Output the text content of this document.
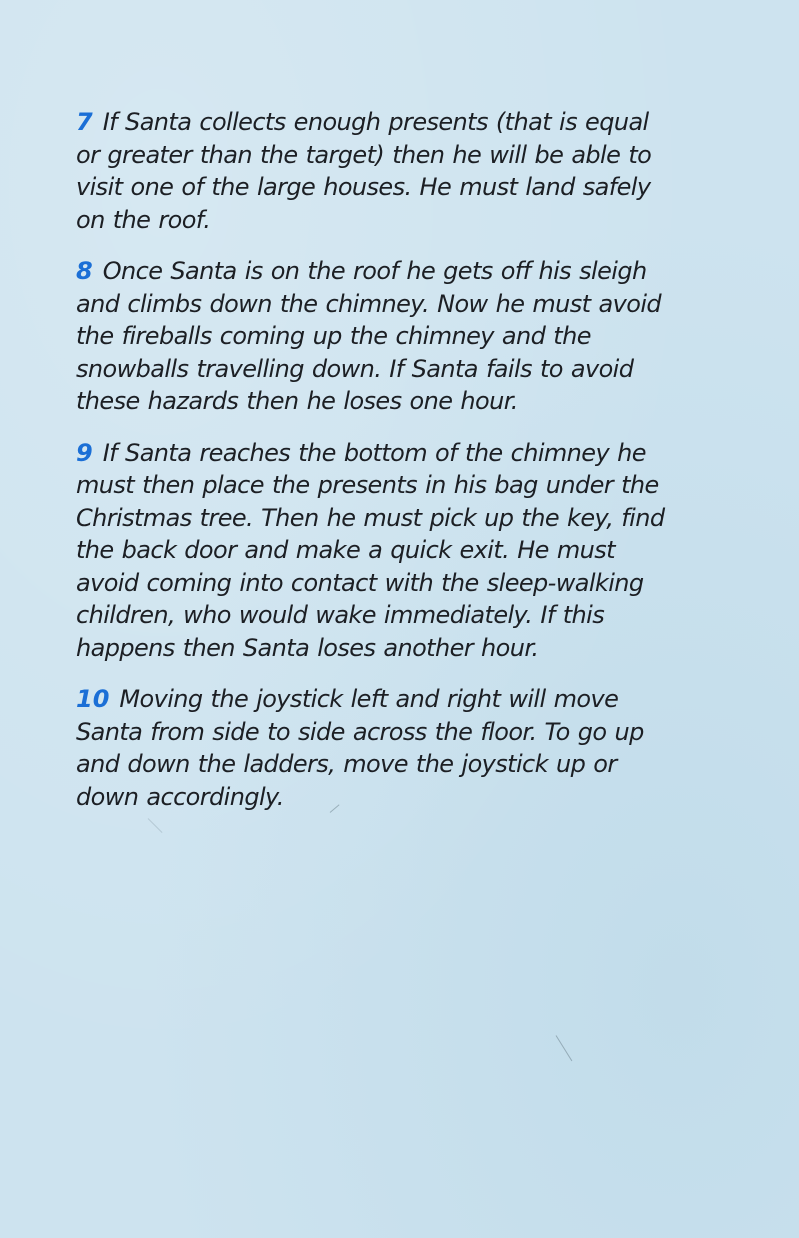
7 If Santa collects enough presents (that is equal
or greater than the target) then he will be able to
visit one of the large houses. He must land safely
on the roof.

8 Once Santa is on the roof he gets off his sleigh
and climbs down the chimney. Now he must avoid
the fireballs coming up the chimney and the
snowballs travelling down. If Santa fails to avoid
these hazards then he loses one hour.

9 If Santa reaches the bottom of the chimney he
must then place the presents in his bag under the
Christmas tree. Then he must pick up the key, find
the back door and make a quick exit. He must
avoid coming into contact with the sleep-walking
children, who would wake immediately. If this
happens then Santa loses another hour.

10 Moving the joystick left and right will move
Santa from side to side across the floor. To go up
and down the ladders, move the joystick up or
down accordingly.
